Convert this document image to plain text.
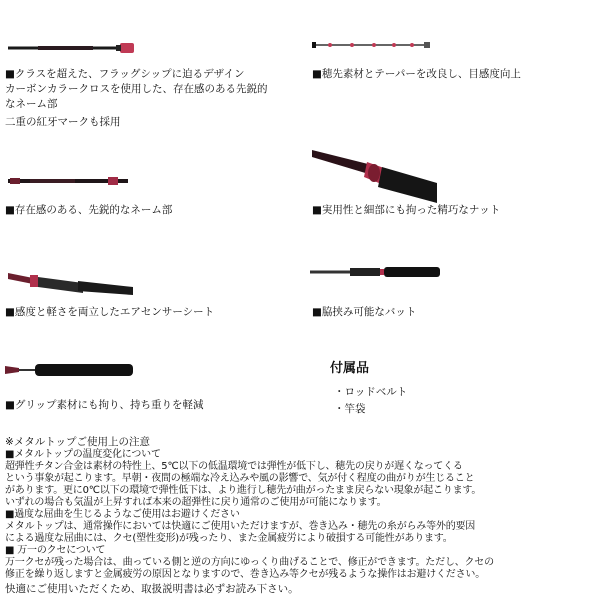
■クラスを超えた、フラッグシップに迫るデザイン
カーボンカラークロスを使用した、存在感のある先鋭的
なネーム部
二重の紅牙マークも採用
■穂先素材とテーパーを改良し、目感度向上
■存在感のある、先鋭的なネーム部	■実用性と細部にも拘った精巧なナット
■感度と軽さを両立したエアセンサーシート	■脇挟み可能なバット
■グリップ素材にも拘り、持ち重りを軽減
付属品
・ロッドベルト
・竿袋
※メタルトップご使用上の注意
■メタルトップの温度変化について
超弾性チタン合金は素材の特性上、5℃以下の低温環境では弾性が低下し、穂先の戻りが遅くなってくる
という事象が起こります。早朝・夜間の極端な冷え込みや風の影響で、気が付く程度の曲がりが生じること
があります。更に0℃以下の環境で弾性低下は、より進行し穂先が曲がったまま戻らない現象が起こります。
いずれの場合も気温が上昇すれば本来の超弾性に戻り通常のご使用が可能になります。
■過度な屈曲を生じるようなご使用はお避けください
メタルトップは、通常操作においては快適にご使用いただけますが、巻き込み・穂先の糸がらみ等外的要因
による過度な屈曲には、クセ(塑性変形)が残ったり、また金属疲労により破損する可能性があります。
■ 万一のクセについて
万一クセが残った場合は、曲っている側と逆の方向にゆっくり曲げることで、修正ができます。ただし、クセの
修正を繰り返しますと金属疲労の原因となりますので、巻き込み等クセが残るような操作はお避けください。
快適にご使用いただくため、取扱説明書は必ずお読み下さい。
